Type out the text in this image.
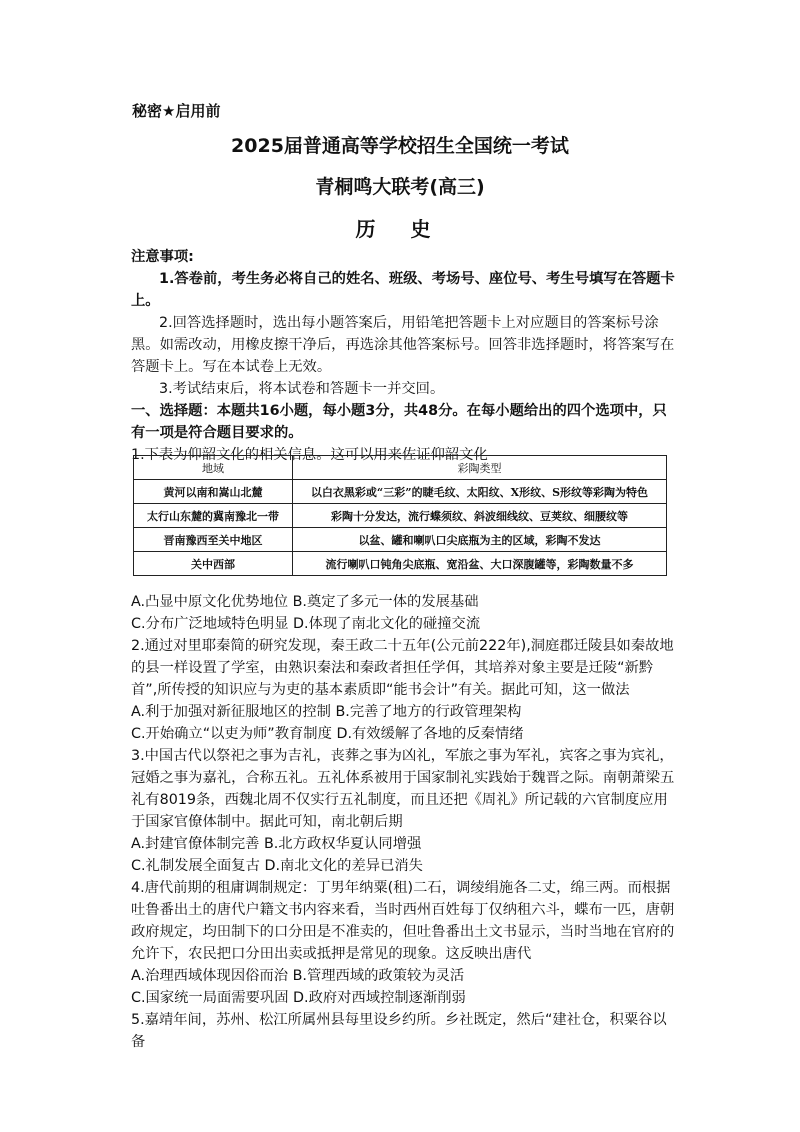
秘密★启用前
2025届普通高等学校招生全国统一考试
青桐鸣大联考(高三)
历 史

注意事项:

1.答卷前，考生务必将自己的姓名、班级、考场号、座位号、考生号填写在答题卡上。

2.回答选择题时，选出每小题答案后，用铅笔把答题卡上对应题目的答案标号涂黑。如需改动，用橡皮擦干净后，再选涂其他答案标号。回答非选择题时，将答案写在答题卡上。写在本试卷上无效。

3.考试结束后，将本试卷和答题卡一并交回。

一、选择题：本题共16小题，每小题3分，共48分。在每小题给出的四个选项中，只有一项是符合题目要求的。

1.下表为仰韶文化的相关信息。这可以用来佐证仰韶文化

地域	彩陶类型
黄河以南和嵩山北麓	以白衣黑彩或“三彩”的睫毛纹、太阳纹、X形纹、S形纹等彩陶为特色
太行山东麓的冀南豫北一带	彩陶十分发达，流行蝶须纹、斜波细线纹、豆荚纹、细腰纹等
晋南豫西至关中地区	以盆、罐和喇叭口尖底瓶为主的区域，彩陶不发达
关中西部	流行喇叭口钝角尖底瓶、宽沿盆、大口深腹罐等，彩陶数量不多

A.凸显中原文化优势地位 B.奠定了多元一体的发展基础

C.分布广泛地域特色明显 D.体现了南北文化的碰撞交流

2.通过对里耶秦简的研究发现，秦王政二十五年(公元前222年),洞庭郡迁陵县如秦故地的县一样设置了学室，由熟识秦法和秦政者担任学佴，其培养对象主要是迁陵“新黔首”,所传授的知识应与为吏的基本素质即“能书会计”有关。据此可知，这一做法

A.利于加强对新征服地区的控制 B.完善了地方的行政管理架构

C.开始确立“以吏为师”教育制度 D.有效缓解了各地的反秦情绪

3.中国古代以祭祀之事为吉礼，丧葬之事为凶礼，军旅之事为军礼，宾客之事为宾礼，冠婚之事为嘉礼，合称五礼。五礼体系被用于国家制礼实践始于魏晋之际。南朝萧梁五礼有8019条，西魏北周不仅实行五礼制度，而且还把《周礼》所记载的六官制度应用于国家官僚体制中。据此可知，南北朝后期

A.封建官僚体制完善 B.北方政权华夏认同增强

C.礼制发展全面复古 D.南北文化的差异已消失

4.唐代前期的租庸调制规定：丁男年纳粟(租)二石，调绫绢施各二丈，绵三两。而根据吐鲁番出土的唐代户籍文书内容来看，当时西州百姓每丁仅纳租六斗，蝶布一匹，唐朝政府规定，均田制下的口分田是不准卖的，但吐鲁番出土文书显示，当时当地在官府的允许下，农民把口分田出卖或抵押是常见的现象。这反映出唐代

A.治理西域体现因俗而治 B.管理西域的政策较为灵活

C.国家统一局面需要巩固 D.政府对西域控制逐渐削弱

5.嘉靖年间，苏州、松江所属州县每里设乡约所。乡社既定，然后“建社仓，积粟谷以备
